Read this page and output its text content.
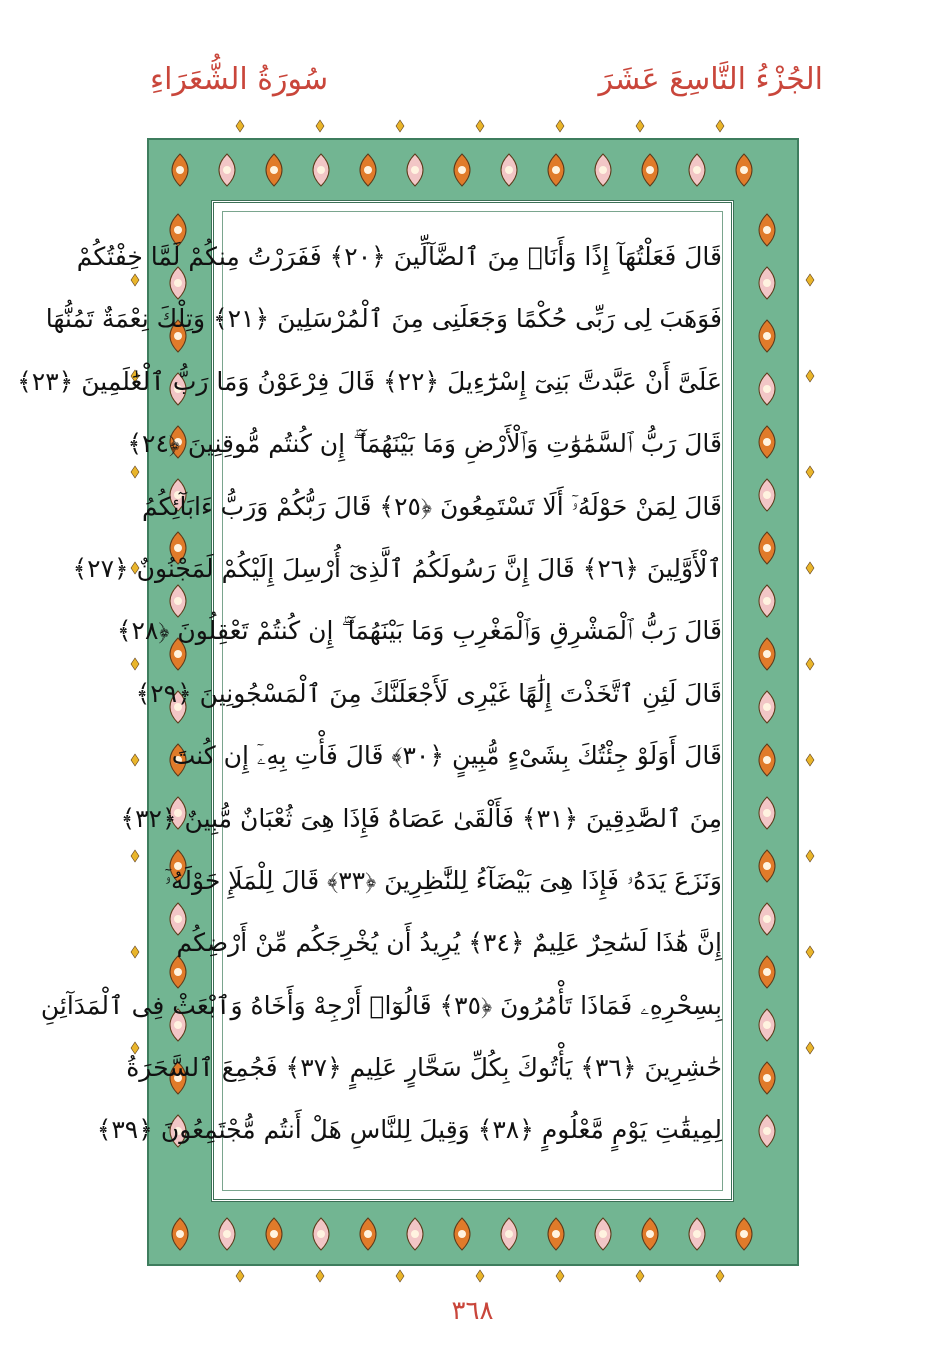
الجُزْءُ التَّاسِعَ عَشَرَ
سُورَةُ الشُّعَرَاءِ
قَالَ فَعَلْتُهَآ إِذًا وَأَنَا۠ مِنَ ٱلضَّآلِّينَ ﴿٢٠﴾ فَفَرَرْتُ مِنكُمْ لَمَّا خِفْتُكُمْ
فَوَهَبَ لِى رَبِّى حُكْمًا وَجَعَلَنِى مِنَ ٱلْمُرْسَلِينَ ﴿٢١﴾ وَتِلْكَ نِعْمَةٌ تَمُنُّهَا
عَلَىَّ أَنْ عَبَّدتَّ بَنِىٓ إِسْرَٰٓءِيلَ ﴿٢٢﴾ قَالَ فِرْعَوْنُ وَمَا رَبُّ ٱلْعَٰلَمِينَ ﴿٢٣﴾
قَالَ رَبُّ ٱلسَّمَٰوَٰتِ وَٱلْأَرْضِ وَمَا بَيْنَهُمَآ ۖ إِن كُنتُم مُّوقِنِينَ ﴿٢٤﴾
قَالَ لِمَنْ حَوْلَهُۥٓ أَلَا تَسْتَمِعُونَ ﴿٢٥﴾ قَالَ رَبُّكُمْ وَرَبُّ ءَابَآئِكُمُ
ٱلْأَوَّلِينَ ﴿٢٦﴾ قَالَ إِنَّ رَسُولَكُمُ ٱلَّذِىٓ أُرْسِلَ إِلَيْكُمْ لَمَجْنُونٌ ﴿٢٧﴾
قَالَ رَبُّ ٱلْمَشْرِقِ وَٱلْمَغْرِبِ وَمَا بَيْنَهُمَآ ۖ إِن كُنتُمْ تَعْقِلُونَ ﴿٢٨﴾
قَالَ لَئِنِ ٱتَّخَذْتَ إِلَٰهًا غَيْرِى لَأَجْعَلَنَّكَ مِنَ ٱلْمَسْجُونِينَ ﴿٢٩﴾
قَالَ أَوَلَوْ جِئْتُكَ بِشَىْءٍ مُّبِينٍ ﴿٣٠﴾ قَالَ فَأْتِ بِهِۦٓ إِن كُنتَ
مِنَ ٱلصَّٰدِقِينَ ﴿٣١﴾ فَأَلْقَىٰ عَصَاهُ فَإِذَا هِىَ ثُعْبَانٌ مُّبِينٌ ﴿٣٢﴾
وَنَزَعَ يَدَهُۥ فَإِذَا هِىَ بَيْضَآءُ لِلنَّٰظِرِينَ ﴿٣٣﴾ قَالَ لِلْمَلَإِ حَوْلَهُۥٓ
إِنَّ هَٰذَا لَسَٰحِرٌ عَلِيمٌ ﴿٣٤﴾ يُرِيدُ أَن يُخْرِجَكُم مِّنْ أَرْضِكُم
بِسِحْرِهِۦ فَمَاذَا تَأْمُرُونَ ﴿٣٥﴾ قَالُوٓا۟ أَرْجِهْ وَأَخَاهُ وَٱبْعَثْ فِى ٱلْمَدَآئِنِ
حَٰشِرِينَ ﴿٣٦﴾ يَأْتُوكَ بِكُلِّ سَحَّارٍ عَلِيمٍ ﴿٣٧﴾ فَجُمِعَ ٱلسَّحَرَةُ
لِمِيقَٰتِ يَوْمٍ مَّعْلُومٍ ﴿٣٨﴾ وَقِيلَ لِلنَّاسِ هَلْ أَنتُم مُّجْتَمِعُونَ ﴿٣٩﴾
٣٦٨
